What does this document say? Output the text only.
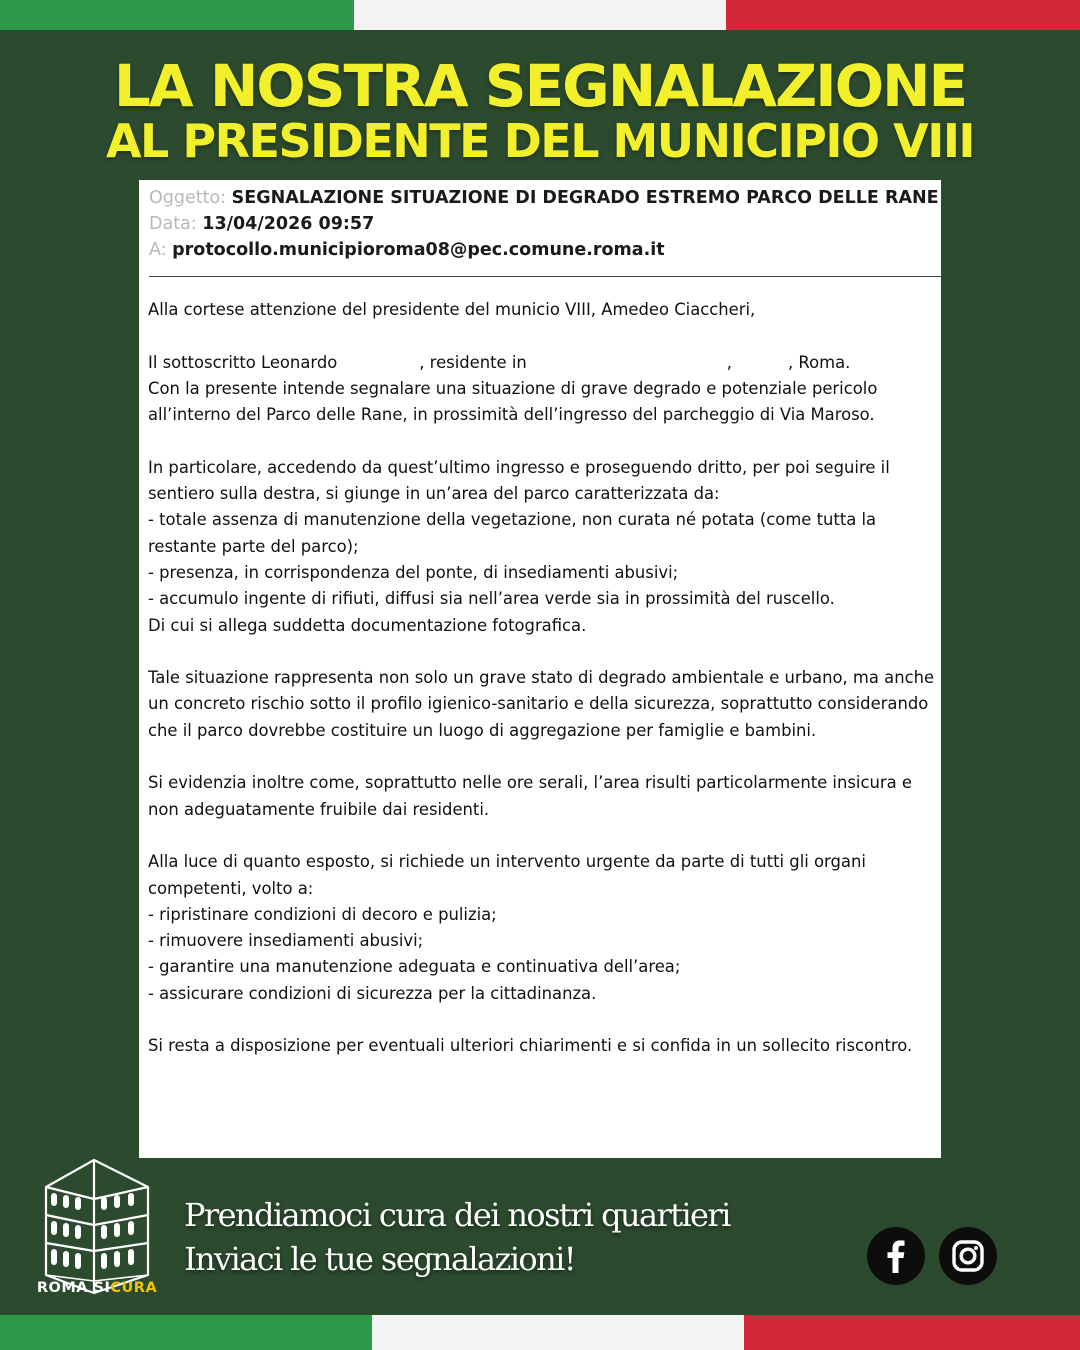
LA NOSTRA SEGNALAZIONE
AL PRESIDENTE DEL MUNICIPIO VIII
Oggetto: SEGNALAZIONE SITUAZIONE DI DEGRADO ESTREMO PARCO DELLE RANE
Data: 13/04/2026 09:57
A: protocollo.municipioroma08@pec.comune.roma.it

Alla cortese attenzione del presidente del municio VIII, Amedeo Ciaccheri,

Il sottoscritto Leonardo	, residente in	,	, Roma.
Con la presente intende segnalare una situazione di grave degrado e potenziale pericolo all’interno del Parco delle Rane, in prossimità dell’ingresso del parcheggio di Via Maroso.

In particolare, accedendo da quest’ultimo ingresso e proseguendo dritto, per poi seguire il sentiero sulla destra, si giunge in un’area del parco caratterizzata da:

- totale assenza di manutenzione della vegetazione, non curata né potata (come tutta la restante parte del parco);

- presenza, in corrispondenza del ponte, di insediamenti abusivi;

- accumulo ingente di rifiuti, diffusi sia nell’area verde sia in prossimità del ruscello.

Di cui si allega suddetta documentazione fotografica.

Tale situazione rappresenta non solo un grave stato di degrado ambientale e urbano, ma anche un concreto rischio sotto il profilo igienico-sanitario e della sicurezza, soprattutto considerando che il parco dovrebbe costituire un luogo di aggregazione per famiglie e bambini.

Si evidenzia inoltre come, soprattutto nelle ore serali, l’area risulti particolarmente insicura e non adeguatamente fruibile dai residenti.

Alla luce di quanto esposto, si richiede un intervento urgente da parte di tutti gli organi competenti, volto a:

- ripristinare condizioni di decoro e pulizia;

- rimuovere insediamenti abusivi;

- garantire una manutenzione adeguata e continuativa dell’area;

- assicurare condizioni di sicurezza per la cittadinanza.

Si resta a disposizione per eventuali ulteriori chiarimenti e si confida in un sollecito riscontro.

ROMA SICURA
Prendiamoci cura dei nostri quartieri
Inviaci le tue segnalazioni!
